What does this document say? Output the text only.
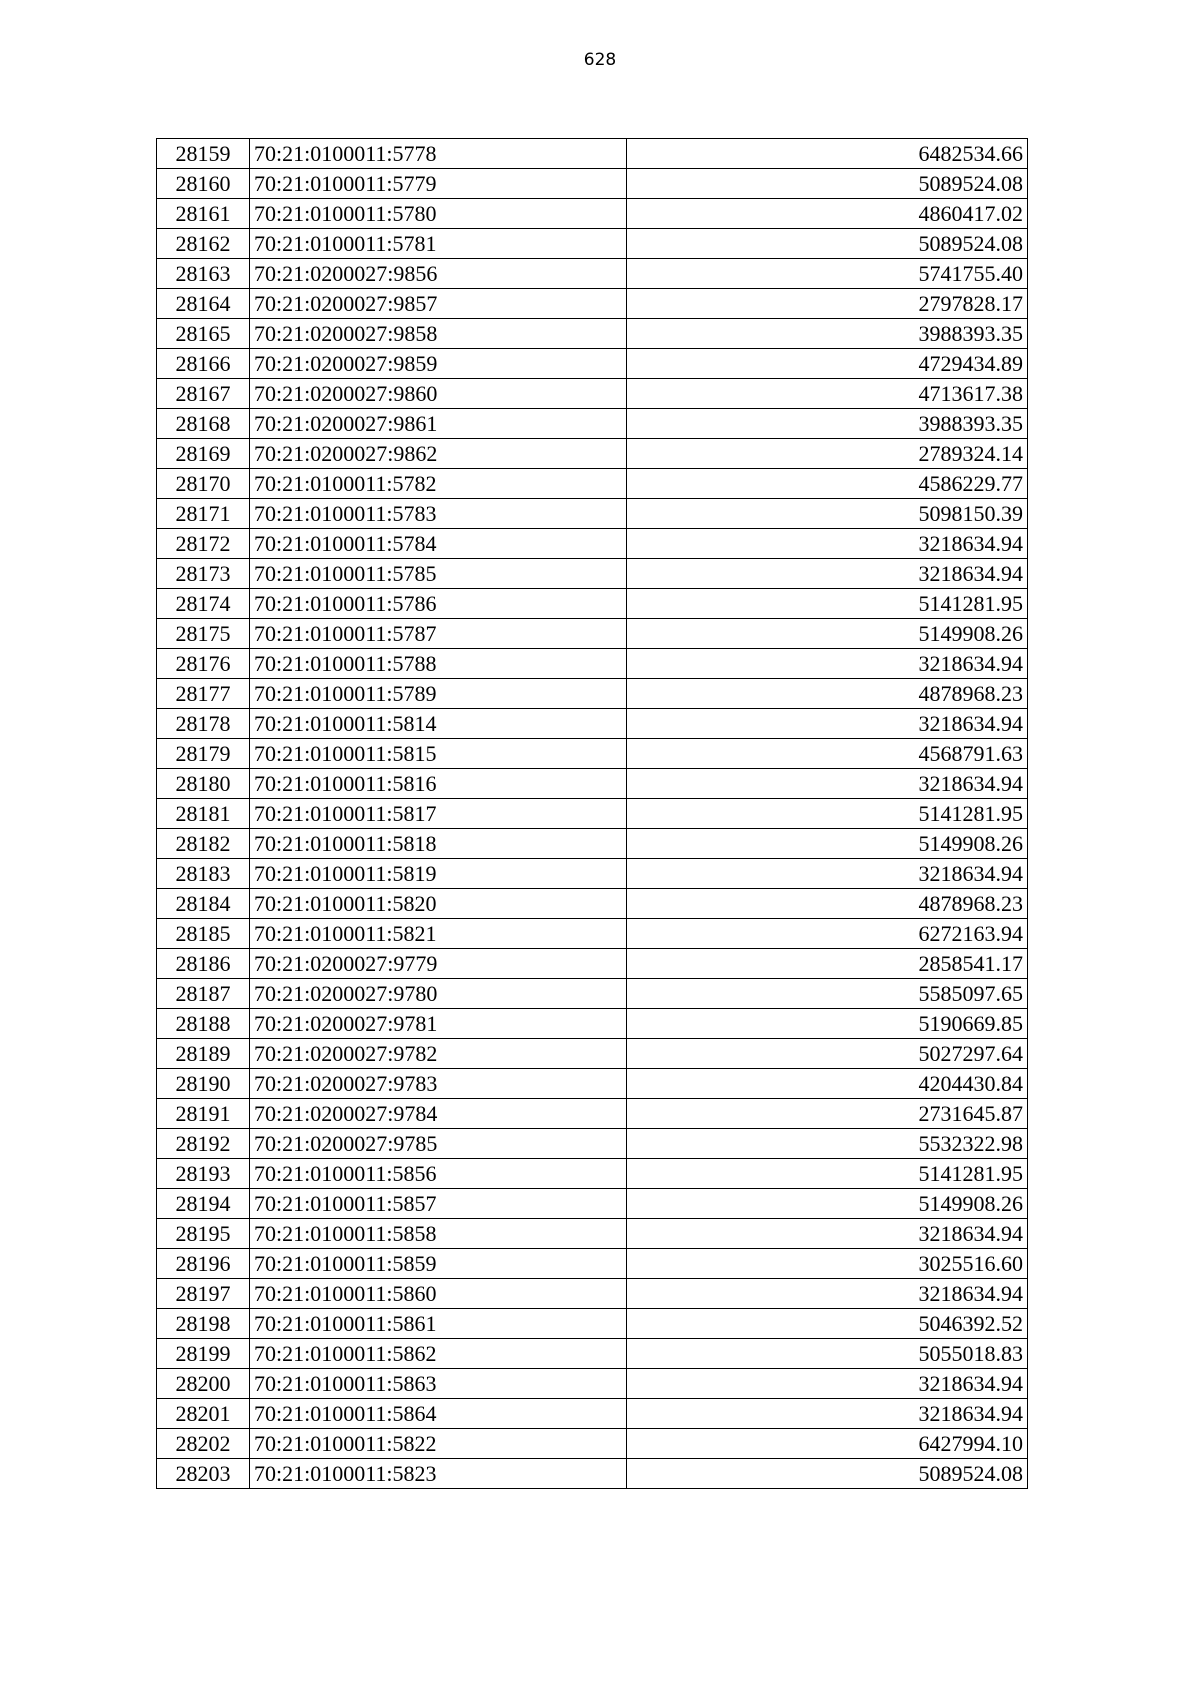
628
28159	70:21:0100011:5778	6482534.66
28160	70:21:0100011:5779	5089524.08
28161	70:21:0100011:5780	4860417.02
28162	70:21:0100011:5781	5089524.08
28163	70:21:0200027:9856	5741755.40
28164	70:21:0200027:9857	2797828.17
28165	70:21:0200027:9858	3988393.35
28166	70:21:0200027:9859	4729434.89
28167	70:21:0200027:9860	4713617.38
28168	70:21:0200027:9861	3988393.35
28169	70:21:0200027:9862	2789324.14
28170	70:21:0100011:5782	4586229.77
28171	70:21:0100011:5783	5098150.39
28172	70:21:0100011:5784	3218634.94
28173	70:21:0100011:5785	3218634.94
28174	70:21:0100011:5786	5141281.95
28175	70:21:0100011:5787	5149908.26
28176	70:21:0100011:5788	3218634.94
28177	70:21:0100011:5789	4878968.23
28178	70:21:0100011:5814	3218634.94
28179	70:21:0100011:5815	4568791.63
28180	70:21:0100011:5816	3218634.94
28181	70:21:0100011:5817	5141281.95
28182	70:21:0100011:5818	5149908.26
28183	70:21:0100011:5819	3218634.94
28184	70:21:0100011:5820	4878968.23
28185	70:21:0100011:5821	6272163.94
28186	70:21:0200027:9779	2858541.17
28187	70:21:0200027:9780	5585097.65
28188	70:21:0200027:9781	5190669.85
28189	70:21:0200027:9782	5027297.64
28190	70:21:0200027:9783	4204430.84
28191	70:21:0200027:9784	2731645.87
28192	70:21:0200027:9785	5532322.98
28193	70:21:0100011:5856	5141281.95
28194	70:21:0100011:5857	5149908.26
28195	70:21:0100011:5858	3218634.94
28196	70:21:0100011:5859	3025516.60
28197	70:21:0100011:5860	3218634.94
28198	70:21:0100011:5861	5046392.52
28199	70:21:0100011:5862	5055018.83
28200	70:21:0100011:5863	3218634.94
28201	70:21:0100011:5864	3218634.94
28202	70:21:0100011:5822	6427994.10
28203	70:21:0100011:5823	5089524.08
